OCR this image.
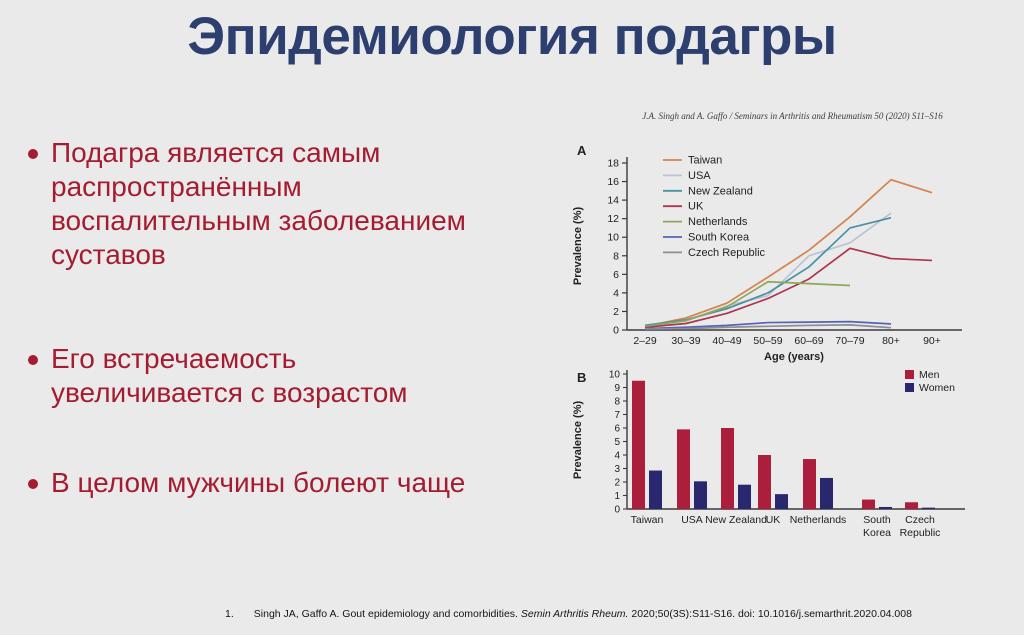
Эпидемиология подагры
Подагра является самым распространённым воспалительным заболеванием суставов
Его встречаемость увеличивается с возрастом
В целом мужчины болеют чаще
J.A. Singh and A. Gaffo / Seminars in Arthritis and Rheumatism 50 (2020) S11–S16
0
2
4
6
8
10
12
14
16
18
2–29 30–39 40–49 50–59 60–69 70–79 80+ 90+
Age (years)
Prevalence (%)
A
Taiwan
USA
New Zealand
UK
Netherlands
South Korea
Czech Republic
0
1
2
3
4
5
6
7
8
9
10
Taiwan USA New Zealand
UK Netherlands South
Korea
Czech
Republic
Men
Women
Prevalence (%)
B
1. Singh JA, Gaffo A. Gout epidemiology and comorbidities. Semin Arthritis Rheum. 2020;50(3S):S11-S16. doi: 10.1016/j.semarthrit.2020.04.008
